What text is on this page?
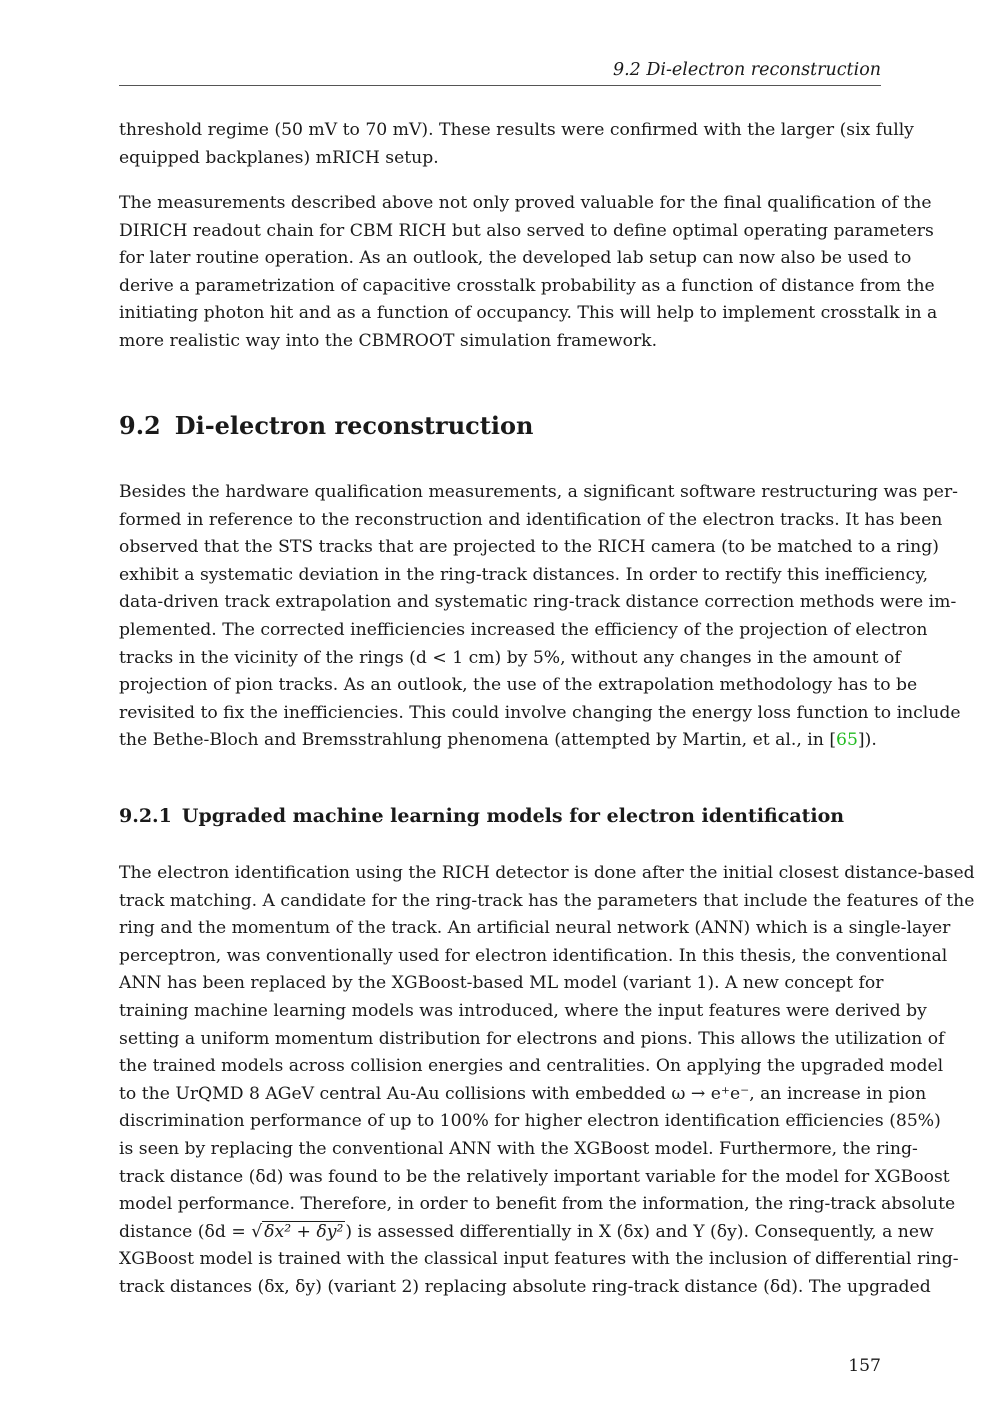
9.2 Di-electron reconstruction

threshold regime (50 mV to 70 mV). These results were confirmed with the larger (six fully
equipped backplanes) mRICH setup.

The measurements described above not only proved valuable for the final qualification of the
DIRICH readout chain for CBM RICH but also served to define optimal operating parameters
for later routine operation. As an outlook, the developed lab setup can now also be used to
derive a parametrization of capacitive crosstalk probability as a function of distance from the
initiating photon hit and as a function of occupancy. This will help to implement crosstalk in a
more realistic way into the CBMROOT simulation framework.

9.2 Di-electron reconstruction

Besides the hardware qualification measurements, a significant software restructuring was per-
formed in reference to the reconstruction and identification of the electron tracks. It has been
observed that the STS tracks that are projected to the RICH camera (to be matched to a ring)
exhibit a systematic deviation in the ring-track distances. In order to rectify this inefficiency,
data-driven track extrapolation and systematic ring-track distance correction methods were im-
plemented. The corrected inefficiencies increased the efficiency of the projection of electron
tracks in the vicinity of the rings (d < 1 cm) by 5%, without any changes in the amount of
projection of pion tracks. As an outlook, the use of the extrapolation methodology has to be
revisited to fix the inefficiencies. This could involve changing the energy loss function to include
the Bethe-Bloch and Bremsstrahlung phenomena (attempted by Martin, et al., in [65]).

9.2.1 Upgraded machine learning models for electron identification

The electron identification using the RICH detector is done after the initial closest distance-based
track matching. A candidate for the ring-track has the parameters that include the features of the
ring and the momentum of the track. An artificial neural network (ANN) which is a single-layer
perceptron, was conventionally used for electron identification. In this thesis, the conventional
ANN has been replaced by the XGBoost-based ML model (variant 1). A new concept for
training machine learning models was introduced, where the input features were derived by
setting a uniform momentum distribution for electrons and pions. This allows the utilization of
the trained models across collision energies and centralities. On applying the upgraded model
to the UrQMD 8 AGeV central Au-Au collisions with embedded ω → e⁺e⁻, an increase in pion
discrimination performance of up to 100% for higher electron identification efficiencies (85%)
is seen by replacing the conventional ANN with the XGBoost model. Furthermore, the ring-
track distance (δd) was found to be the relatively important variable for the model for XGBoost
model performance. Therefore, in order to benefit from the information, the ring-track absolute
distance (δd = √ δx² + δy² ) is assessed differentially in X (δx) and Y (δy). Consequently, a new
XGBoost model is trained with the classical input features with the inclusion of differential ring-
track distances (δx, δy) (variant 2) replacing absolute ring-track distance (δd). The upgraded

157
